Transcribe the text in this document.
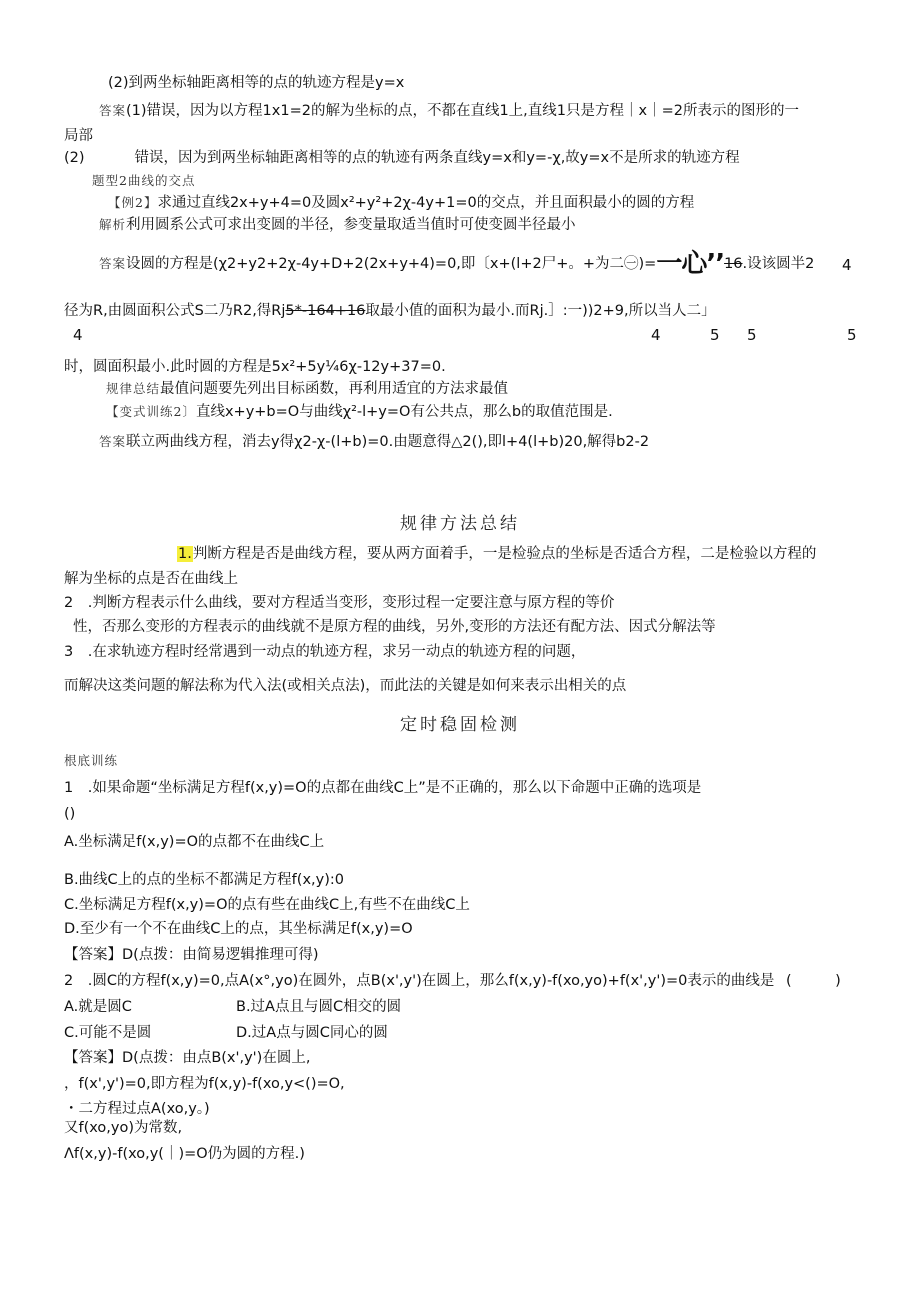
(2)到两坐标轴距离相等的点的轨迹方程是y=x
答案(1)错误，因为以方程1x1=2的解为坐标的点，不都在直线1上,直线1只是方程｜x｜=2所表示的图形的一
局部
(2)	错误，因为到两坐标轴距离相等的点的轨迹有两条直线y=x和y=-χ,故y=x不是所求的轨迹方程
题型2曲线的交点
【例2】求通过直线2x+y+4=0及圆x²+y²+2χ-4y+1=0的交点，并且面积最小的圆的方程
解析利用圆系公式可求出变圆的半径，参变量取适当值时可使变圆半径最小
答案设圆的方程是(χ2+y2+2χ-4y+D+2(2x+y+4)=0,即〔x+(l+2尸+。+为二㊀)=一心’’16.设该圆半2 4
径为R,由圆面积公式S二乃R2,得Rj5*-164+16取最小值的面积为最小.而Rj.］:一))2+9,所以当人二」
4	4	5 5	5
时，圆面积最小.此时圆的方程是5x²+5y¼6χ-12y+37=0.
规律总结最值问题要先列出目标函数，再利用适宜的方法求最值
【变式训练2〕直线x+y+b=O与曲线χ²-l+y=O有公共点，那么b的取值范围是.
答案联立两曲线方程，消去y得χ2-χ-(l+b)=0.由题意得△2(),即l+4(l+b)20,解得b2-2
规律方法总结
1.判断方程是否是曲线方程，要从两方面着手，一是检验点的坐标是否适合方程，二是检验以方程的
解为坐标的点是否在曲线上
2　.判断方程表示什么曲线，要对方程适当变形，变形过程一定要注意与原方程的等价
性，否那么变形的方程表示的曲线就不是原方程的曲线，另外,变形的方法还有配方法、因式分解法等
3　.在求轨迹方程时经常遇到一动点的轨迹方程，求另一动点的轨迹方程的问题，
而解决这类问题的解法称为代入法(或相关点法)，而此法的关键是如何来表示出相关的点
定时稳固检测
根底训练
1　.如果命题“坐标满足方程f(x,y)=O的点都在曲线C上”是不正确的，那么以下命题中正确的选项是
()
A.坐标满足f(x,y)=O的点都不在曲线C上
B.曲线C上的点的坐标不都满足方程f(x,y):0
C.坐标满足方程f(x,y)=O的点有些在曲线C上,有些不在曲线C上
D.至少有一个不在曲线C上的点，其坐标满足f(x,y)=O
【答案】D(点拨：由简易逻辑推理可得)
2　.圆C的方程f(x,y)=0,点A(x°,yo)在圆外，点B(x',y')在圆上，那么f(x,y)-f(xo,yo)+f(x',y')=0表示的曲线是 (　　　)
A.就是圆C	B.过A点且与圆C相交的圆
C.可能不是圆	D.过A点与圆C同心的圆
【答案】D(点拨：由点B(x',y')在圆上,
，f(x',y')=0,即方程为f(x,y)-f(xo,y<()=O,
・二方程过点A(xo,y。)
又f(xo,yo)为常数,
Λf(x,y)-f(xo,y(｜)=O仍为圆的方程.)
